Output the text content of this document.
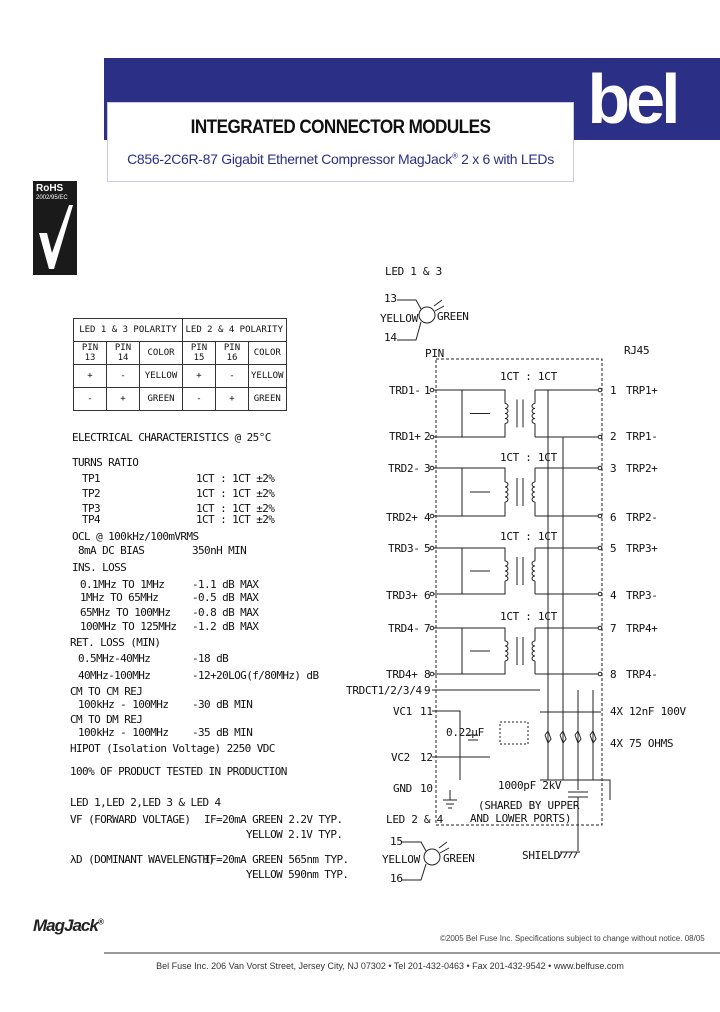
bel
INTEGRATED CONNECTOR MODULES
C856-2C6R-87 Gigabit Ethernet Compressor MagJack® 2 x 6 with LEDs
RoHS
2002/95/EC
LED 1 & 3 POLARITY			LED 2 & 4 POLARITY		
PIN 13	PIN 14	COLOR	PIN 15	PIN 16	COLOR
+	-	YELLOW	+	-	YELLOW
-	+	GREEN	-	+	GREEN
ELECTRICAL CHARACTERISTICS @ 25°C
TURNS RATIO
TP1	1CT : 1CT ±2%
TP2	1CT : 1CT ±2%
TP3	1CT : 1CT ±2%
TP4	1CT : 1CT ±2%
OCL @ 100kHz/100mVRMS
8mA DC BIAS	350nH MIN
INS. LOSS
0.1MHz TO 1MHz	-1.1 dB MAX
1MHz TO 65MHz	-0.5 dB MAX
65MHz TO 100MHz -0.8 dB MAX
100MHz TO 125MHz -1.2 dB MAX
RET. LOSS (MIN)
0.5MHz-40MHz	-18 dB
40MHz-100MHz	-12+20LOG(f/80MHz) dB
CM TO CM REJ
100kHz - 100MHz -30 dB MIN
CM TO DM REJ
100kHz - 100MHz -35 dB MIN
HIPOT (Isolation Voltage) 2250 VDC
100% OF PRODUCT TESTED IN PRODUCTION
LED 1,LED 2,LED 3 & LED 4
VF (FORWARD VOLTAGE) IF=20mA GREEN 2.2V TYP.
YELLOW 2.1V TYP.
λD (DOMINANT WAVELENGTH)
IF=20mA GREEN 565nm TYP.
YELLOW 590nm TYP.
LED 1 & 3
13
YELLOW GREEN
14
PIN	RJ45
TRD1- 1
TRD1+ 2
TRD2- 3
TRD2+ 4
TRD3- 5
TRD3+ 6
TRD4- 7
TRD4+ 8
TRDCT1/2/3/4 9
VC1 11
VC2 12
GND 10
1 TRP1+
2 TRP1-
3 TRP2+
6 TRP2-
5 TRP3+
4 TRP3-
7 TRP4+
8 TRP4-
1CT : 1CT
1CT : 1CT
1CT : 1CT
1CT : 1CT
0.22µF
4X 12nF 100V
4X 75 OHMS
1000pF 2kV
(SHARED BY UPPER
AND LOWER PORTS)
SHIELD
LED 2 & 4
15
YELLOW GREEN
16
MagJack®
©2005 Bel Fuse Inc. Specifications subject to change without notice. 08/05
Bel Fuse Inc. 206 Van Vorst Street, Jersey City, NJ 07302 • Tel 201-432-0463 • Fax 201-432-9542 • www.belfuse.com
